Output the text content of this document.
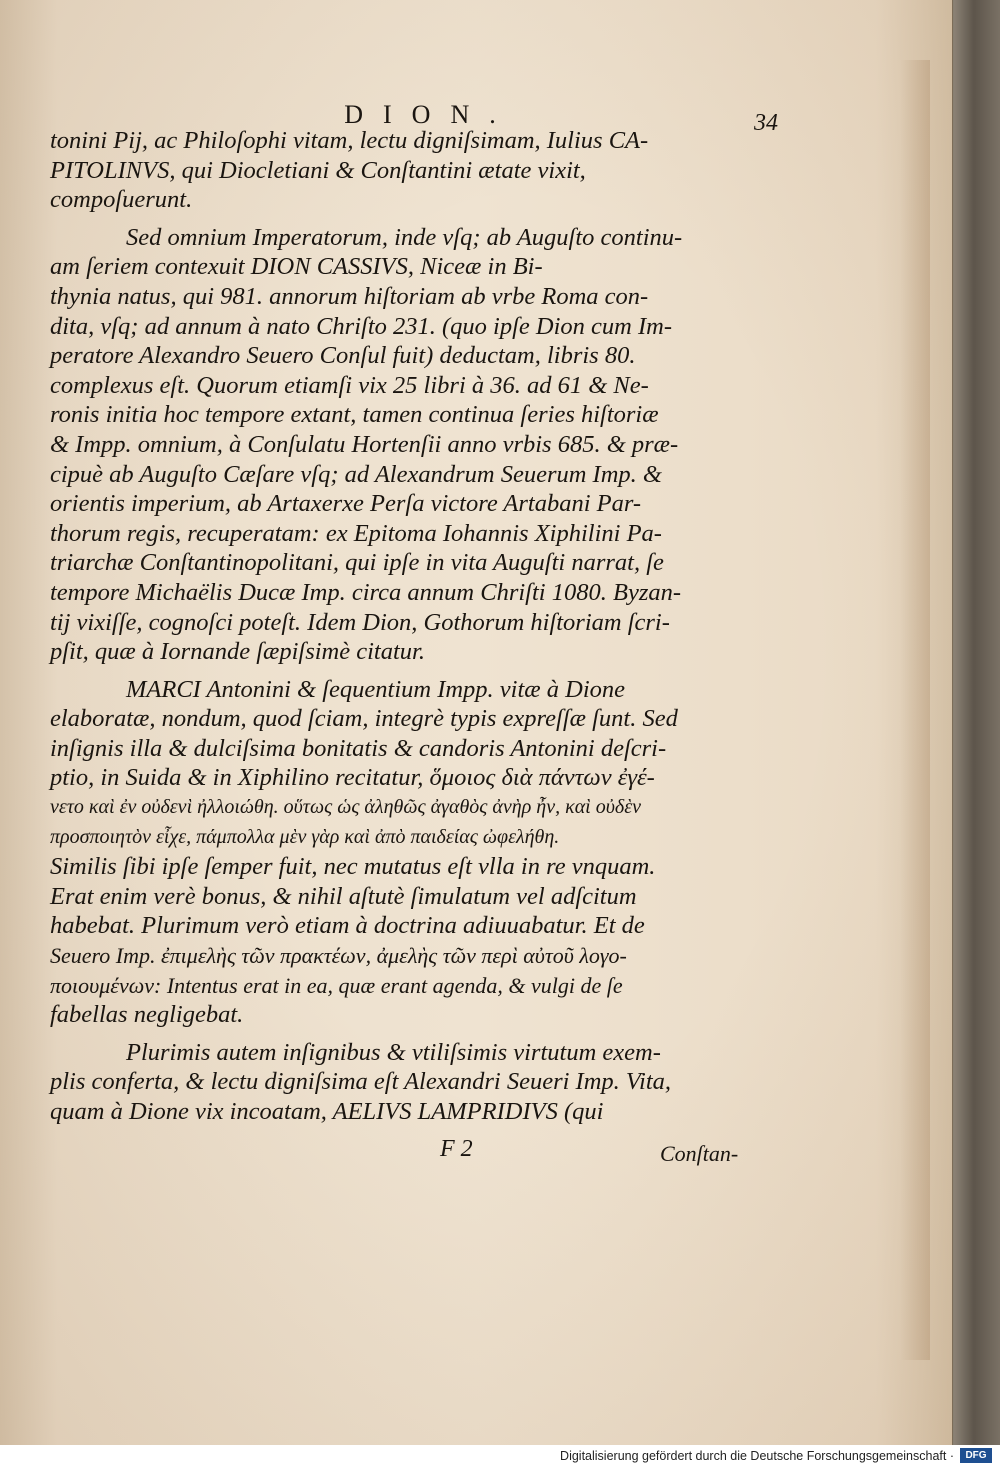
DION.	34
tonini Pij, ac Philoſophi vitam, lectu digniſsimam, Iulius CA-
PITOLINVS, qui Diocletiani & Conſtantini ætate vixit,
compoſuerunt.
Sed omnium Imperatorum, inde vſq; ab Auguſto continu-
am ſeriem contexuit DION CASSIVS, Niceæ in Bi-
thynia natus, qui 981. annorum hiſtoriam ab vrbe Roma con-
dita, vſq; ad annum à nato Chriſto 231. (quo ipſe Dion cum Im-
peratore Alexandro Seuero Conſul fuit) deductam, libris 80.
complexus eſt. Quorum etiamſi vix 25 libri à 36. ad 61 & Ne-
ronis initia hoc tempore extant, tamen continua ſeries hiſtoriæ
& Impp. omnium, à Conſulatu Hortenſii anno vrbis 685. & præ-
cipuè ab Auguſto Cæſare vſq; ad Alexandrum Seuerum Imp. &
orientis imperium, ab Artaxerxe Perſa victore Artabani Par-
thorum regis, recuperatam: ex Epitoma Iohannis Xiphilini Pa-
triarchæ Conſtantinopolitani, qui ipſe in vita Auguſti narrat, ſe
tempore Michaëlis Ducæ Imp. circa annum Chriſti 1080. Byzan-
tij vixiſſe, cognoſci poteſt. Idem Dion, Gothorum hiſtoriam ſcri-
pſit, quæ à Iornande ſæpiſsimè citatur.
MARCI Antonini & ſequentium Impp. vitæ à Dione
elaboratæ, nondum, quod ſciam, integrè typis expreſſæ ſunt. Sed
inſignis illa & dulciſsima bonitatis & candoris Antonini deſcri-
ptio, in Suida & in Xiphilino recitatur, ὅμοιος διὰ πάντων ἐγέ-
νετο καὶ ἐν οὐδενὶ ἠλλοιώθη. οὕτως ὡς ἀληθῶς ἀγαθὸς ἀνὴρ ἦν, καὶ οὐδὲν
προσποιητὸν εἶχε, πάμπολλα μὲν γὰρ καὶ ἀπὸ παιδείας ὠφελήθη.
Similis ſibi ipſe ſemper fuit, nec mutatus eſt vlla in re vnquam.
Erat enim verè bonus, & nihil aſtutè ſimulatum vel adſcitum
habebat. Plurimum verò etiam à doctrina adiuuabatur. Et de
Seuero Imp. ἐπιμελὴς τῶν πρακτέων, ἀμελὴς τῶν περὶ αὐτοῦ λογο-
ποιουμένων: Intentus erat in ea, quæ erant agenda, & vulgi de ſe
fabellas negligebat.
Plurimis autem inſignibus & vtiliſsimis virtutum exem-
plis conferta, & lectu digniſsima eſt Alexandri Seueri Imp. Vita,
quam à Dione vix incoatam, AELIVS LAMPRIDIVS (qui
F 2	Conſtan-
Digitalisierung gefördert durch die Deutsche Forschungsgemeinschaft ·	DFG
